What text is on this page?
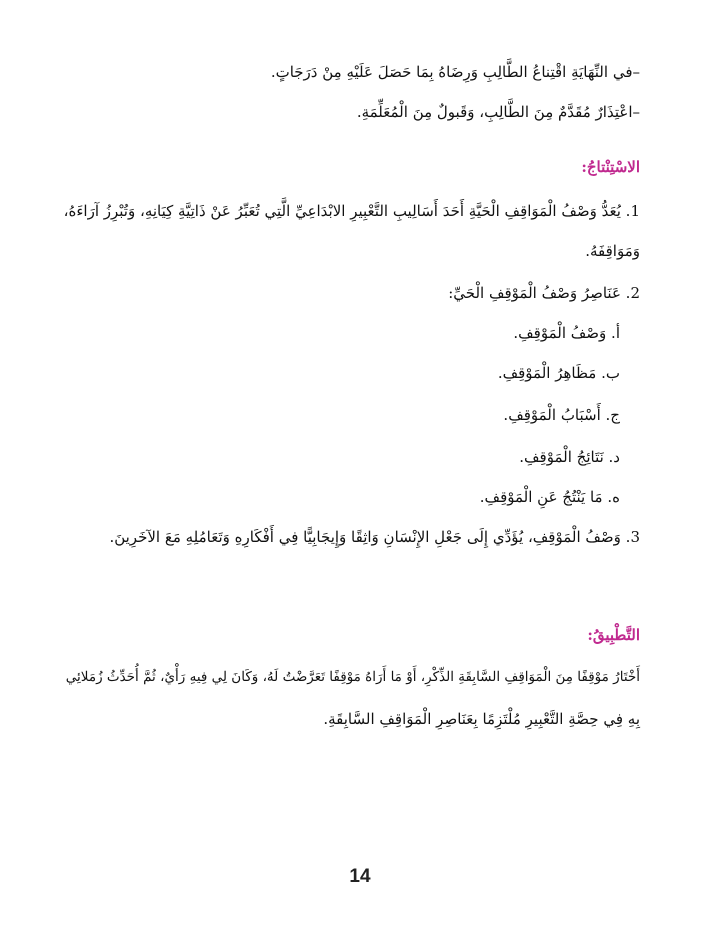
–في النِّهَايَةِ اقْتِناعُ الطَّالِبِ وَرِضَاهُ بِمَا حَصَلَ عَلَيْهِ مِنْ دَرَجَاتٍ.
–اعْتِذَارٌ مُقَدَّمٌ مِنَ الطَّالِبِ، وَقَبولٌ مِنَ الْمُعَلِّمَةِ.
الاسْتِنْتاجُ:
1. يُعَدُّ وَصْفُ الْمَوَاقِفِ الْحَيَّةِ أَحَدَ أَسَالِيبِ التَّعْبِيرِ الابْدَاعِيِّ الَّتِي تُعَبِّرُ عَنْ ذَاتِيَّةِ كِيَانِهِ، وَتُبْرِزُ آرَاءَهُ،
وَمَوَاقِفَهُ.
2. عَنَاصِرُ وَصْفُ الْمَوْقِفِ الْحَيِّ:
أ. وَصْفُ الْمَوْقِفِ.
ب. مَظَاهِرُ الْمَوْقِفِ.
ج. أَسْبَابُ الْمَوْقِفِ.
د. نَتَائِجُ الْمَوْقِفِ.
ه. مَا يَنْتُجُ عَنِ الْمَوْقِفِ.
3. وَصْفُ الْمَوْقِفِ، يُؤَدِّي إِلَى جَعْلِ الإِنْسَانِ وَاثِقًا وَإِيجَابِيًّا فِي أَفْكَارِهِ وَتَعَامُلِهِ مَعَ الآخَرِينَ.
التَّطْبِيقُ:
أَخْتَارُ مَوْقِفًا مِنَ الْمَوَاقِفِ السَّابِقَةِ الذِّكْرِ، أَوْ مَا أَرَاهُ مَوْقِفًا تَعَرَّضْتُ لَهُ، وَكَانَ لِي فِيهِ رَأْيٌ، ثُمَّ أُحَدِّثُ زُمَلائِي
بِهِ فِي حِصَّةِ التَّعْبِيرِ مُلْتَزِمًا بِعَنَاصِرِ الْمَوَاقِفِ السَّابِقَةِ.
14
